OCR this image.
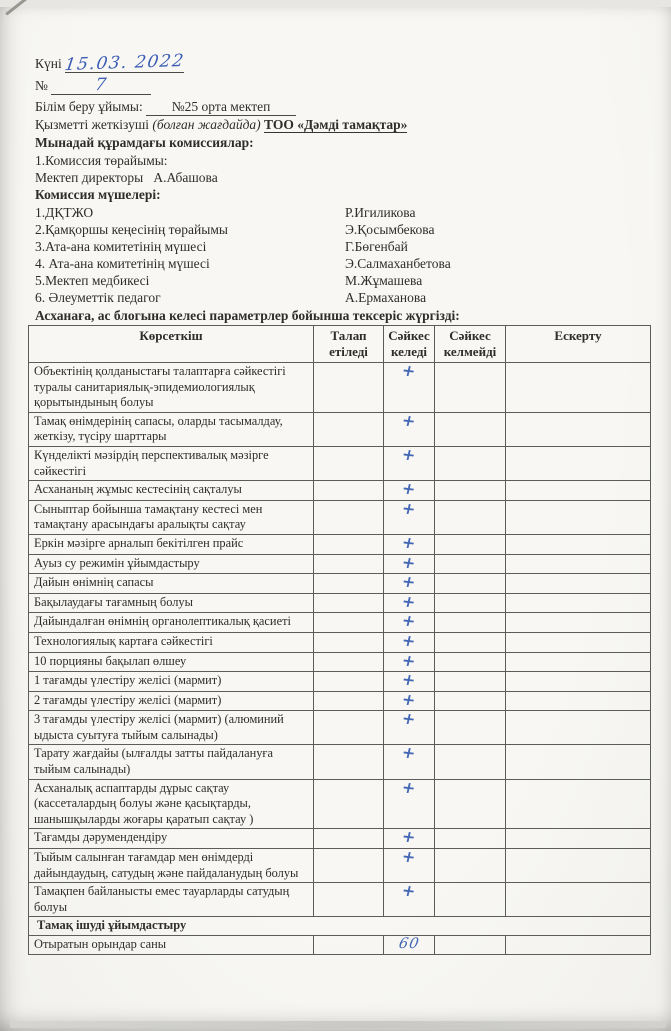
Күні 15.03. 2022
№	7
Білім беру ұйымы: №25 орта мектеп
Қызметті жеткізуші (болған жағдайда) ТОО «Дәмді тамақтар»
Мынадай құрамдағы комиссиялар:
1.Комиссия төрайымы:
Мектеп директоры А.Абашова
Комиссия мүшелері:
1.ДҚТЖО	Р.Игиликова
2.Қамқоршы кеңесінің төрайымы	Э.Қосымбекова
3.Ата-ана комитетінің мүшесі	Г.Бөгенбай
4. Ата-ана комитетінің мүшесі	Э.Салмаханбетова
5.Мектеп медбикесі	М.Жұмашева
6. Әлеуметтік педагог	А.Ермаханова
Асханаға, ас блогына келесі параметрлер бойынша тексеріс жүргізді:
Көрсеткіш	Талап етіледі	Сәйкес келеді	Сәйкес келмейді	Ескерту
Объектінің қолданыстағы талаптарға сәйкестігі туралы санитариялық-эпидемиологиялық қорытындының болуы		+		
Тамақ өнімдерінің сапасы, оларды тасымалдау, жеткізу, түсіру шарттары		+		
Күнделікті мәзірдің перспективалық мәзірге сәйкестігі		+		
Асхананың жұмыс кестесінің сақталуы		+		
Сыныптар бойынша тамақтану кестесі мен тамақтану арасындағы аралықты сақтау		+		
Еркін мәзірге арналып бекітілген прайс		+		
Ауыз су режимін ұйымдастыру		+		
Дайын өнімнің сапасы		+		
Бақылаудағы тағамның болуы		+		
Дайындалған өнімнің органолептикалық қасиеті		+		
Технологиялық картаға сәйкестігі		+		
10 порцияны бақылап өлшеу		+		
1 тағамды үлестіру желісі (мармит)		+		
2 тағамды үлестіру желісі (мармит)		+		
3 тағамды үлестіру желісі (мармит) (алюминий ыдыста суытуға тыйым салынады)		+		
Тарату жағдайы (ылғалды затты пайдалануға тыйым салынады)		+		
Асханалық аспаптарды дұрыс сақтау (кассеталардың болуы және қасықтарды, шанышқыларды жоғары қаратып сақтау )		+		
Тағамды дәрумендендіру		+		
Тыйым салынған тағамдар мен өнімдерді дайындаудың, сатудың және пайдаланудың болуы		+		
Тамақпен байланысты емес тауарларды сатудың болуы		+		
Тамақ ішуді ұйымдастыру				
Отыратын орындар саны		60		
